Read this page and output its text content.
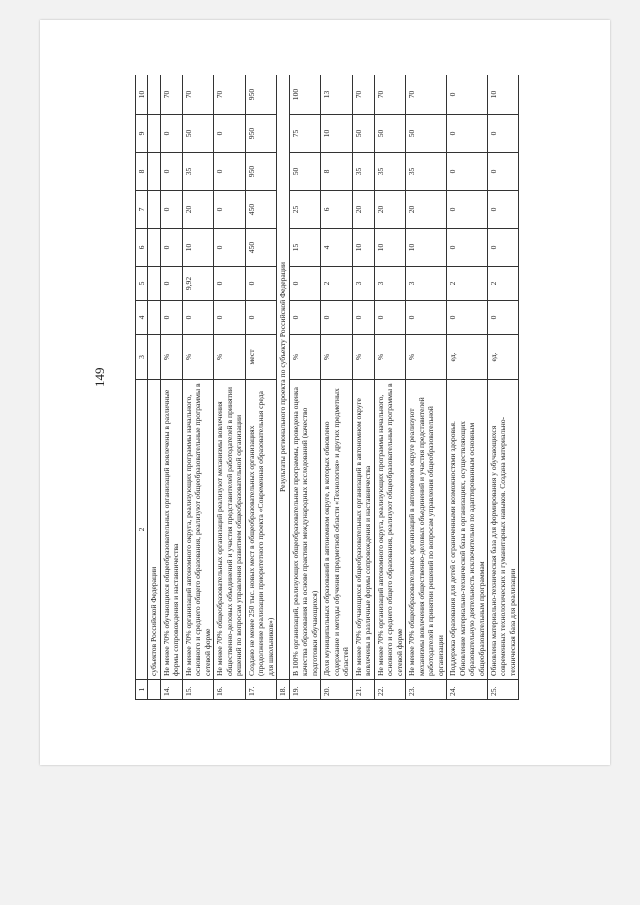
149
1	2	3	4	5	6	7	8	9	10
	субъектов Российской Федерации								
14.	Не менее 70% обучающихся общеобразовательных организаций вовлечены в различные формы сопровождения и наставничества	%	0	0	0	0	0	0	70
15.	Не менее 70% организаций автономного округа, реализующих программы начального, основного и среднего общего образования, реализуют общеобразовательные программы в сетевой форме	%	0	9,92	10	20	35	50	70
16.	Не менее 70% общеобразовательных организаций реализуют механизмы вовлечения общественно-деловых объединений и участия представителей работодателей в принятии решений по вопросам управления развитием общеобразовательной организации	%	0	0	0	0	0	0	70
17.	Создано не менее 250 тыс. новых мест в общеобразовательных организациях (продолжение реализации приоритетного проекта «Современная образовательная среда для школьников»)	мест	0	0	450	450	950	950	950
18.	Результаты регионального проекта по субъекту Российской Федерации								
19.	В 100% организаций, реализующих общеобразовательные программы, проведена оценка качества образования на основе практики международных исследований (качество подготовки обучающихся)	%	0	0	15	25	50	75	100
20.	Доля муниципальных образований в автономном округе, в которых обновлено содержание и методы обучения предметной области «Технология» и других предметных областей	%	0	2	4	6	8	10	13
21.	Не менее 70% обучающихся общеобразовательных организаций в автономном округе вовлечены в различные формы сопровождения и наставничества	%	0	3	10	20	35	50	70
22.	Не менее 70% организаций автономного округа, реализующих программы начального, основного и среднего общего образования, реализуют общеобразовательные программы в сетевой форме	%	0	3	10	20	35	50	70
23.	Не менее 70% общеобразовательных организаций в автономном округе реализуют механизмы вовлечения общественно-деловых объединений и участия представителей работодателей в принятии решений по вопросам управления общеобразовательной организации	%	0	3	10	20	35	50	70
24.	Поддержка образования для детей с ограниченными возможностями здоровья. Обновление материально-технической базы в организациях, осуществляющих образовательную деятельность исключительно по адаптированным основным общеобразовательным программам	ед.	0	2	0	0	0	0	0
25.	Обновлена материально-техническая база для формирования у обучающихся современных технологических и гуманитарных навыков. Создана материально-техническая база для реализации	ед.	0	2	0	0	0	0	10
